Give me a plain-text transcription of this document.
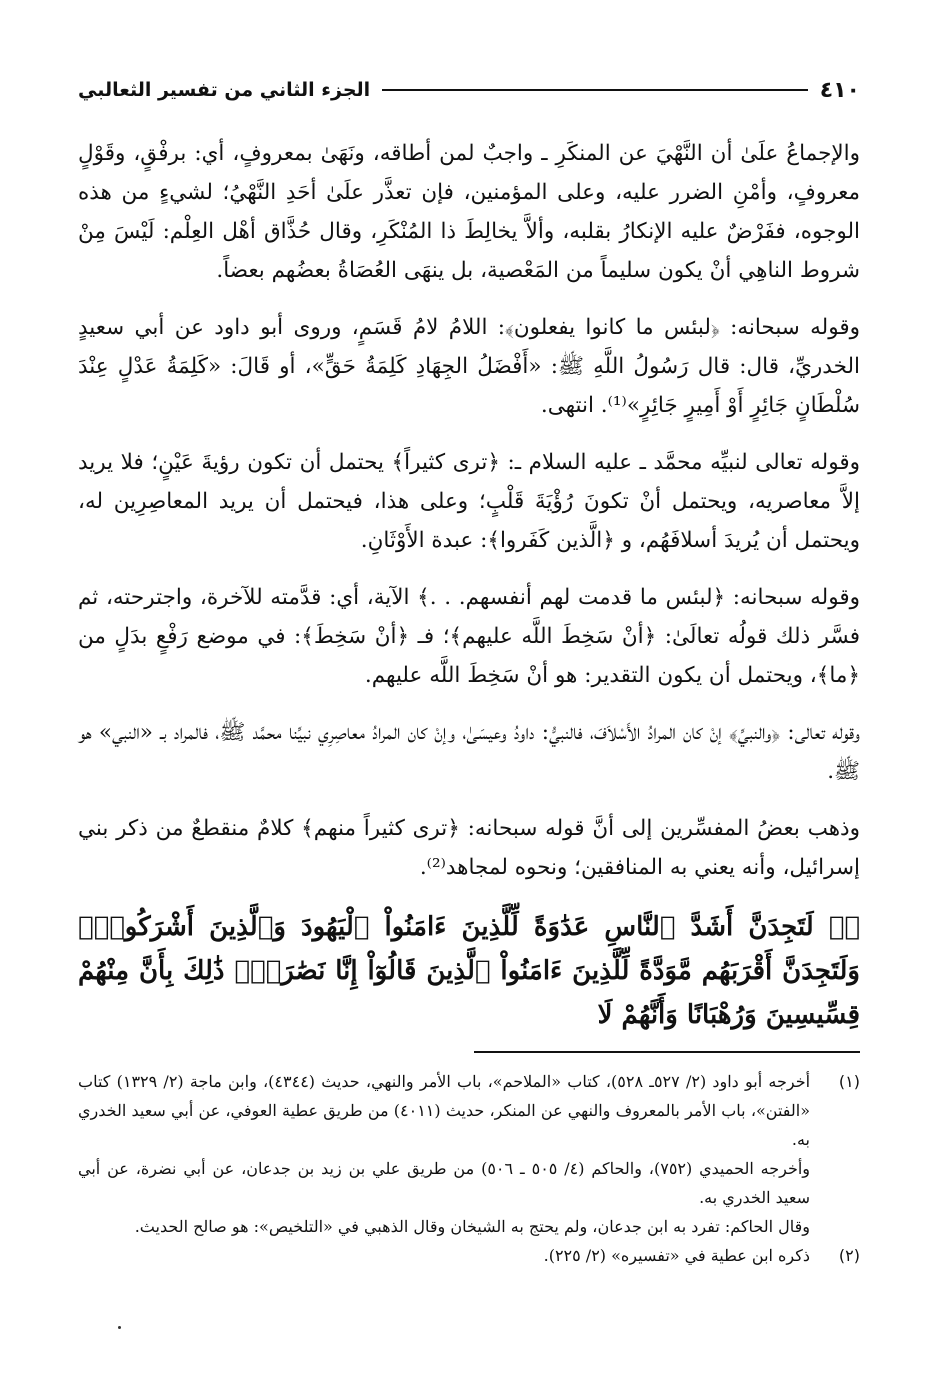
٤١٠
الجزء الثاني من تفسير الثعالبي

والإجماعُ علَىٰ أن النَّهْيَ عن المنكَرِ ـ واجبٌ لمن أطاقه، ونَهَىٰ بمعروفٍ، أي: برفْقٍ، وقَوْلٍ معروفٍ، وأمْنِ الضرر عليه، وعلى المؤمنين، فإن تعذَّر علَىٰ أحَدِ النَّهْيُ؛ لشيءٍ من هذه الوجوه، ففَرْضٌ عليه الإنكارُ بقلبه، وألاَّ يخالِطَ ذا المُنْكَرِ، وقال حُذَّاق أهْل العِلْم: لَيْسَ مِنْ شروط الناهِي أنْ يكون سليماً من المَعْصية، بل ينهَى العُصَاةُ بعضُهم بعضاً.

وقوله سبحانه: ﴿لبئس ما كانوا يفعلون﴾: اللامُ لامُ قَسَمٍ، وروى أبو داود عن أبي سعيدٍ الخدريِّ، قال: قال رَسُولُ اللَّهِ ﷺ: «أَفْضَلُ الجِهَادِ كَلِمَةُ حَقٍّ»، أو قَالَ: «كَلِمَةُ عَدْلٍ عِنْدَ سُلْطَانٍ جَائِرٍ أَوْ أَمِيرٍ جَائِرٍ»⁽¹⁾. انتهى.

وقوله تعالى لنبيِّه محمَّد ـ عليه السلام ـ: ﴿ترى كثيراً﴾ يحتمل أن تكون رؤيةَ عَيْنٍ؛ فلا يريد إلاَّ معاصريه، ويحتمل أنْ تكونَ رُؤْيَةَ قَلْبٍ؛ وعلى هذا، فيحتمل أن يريد المعاصِرِين له، ويحتمل أن يُريدَ أسلافَهُم، و ﴿الَّذين كَفَروا﴾: عبدة الأَوْثَانِ.

وقوله سبحانه: ﴿لبئس ما قدمت لهم أنفسهم. . .﴾ الآية، أي: قدَّمته للآخرة، واجترحته، ثم فسَّر ذلك قولُه تعالَىٰ: ﴿أنْ سَخِطَ اللَّه عليهم﴾؛ فـ ﴿أنْ سَخِطَ﴾: في موضع رَفْعٍ بدَلٍ من ﴿ما﴾، ويحتمل أن يكون التقدير: هو أنْ سَخِطَ اللَّه عليهم.

وقوله تعالى: ﴿والنبيِّ﴾ إنْ كان المرادُ الأَسْلاَفَ، فالنبيُّ: داودُ وعيسَىٰ، وإنْ كان المرادُ معاصِرِي نبيِّنا محمَّد ﷺ، فالمراد بـ «النبي» هو ﷺ.

وذهب بعضُ المفسِّرين إلى أنَّ قوله سبحانه: ﴿ترى كثيراً منهم﴾ كلامٌ منقطعٌ من ذكر بني إسرائيل، وأنه يعني به المنافقين؛ ونحوه لمجاهد⁽²⁾.

﴿۞ لَتَجِدَنَّ أَشَدَّ ٱلنَّاسِ عَدَٰوَةً لِّلَّذِينَ ءَامَنُواْ ٱلْيَهُودَ وَٱلَّذِينَ أَشْرَكُواْۖ وَلَتَجِدَنَّ أَقْرَبَهُم مَّوَدَّةً لِّلَّذِينَ ءَامَنُواْ ٱلَّذِينَ قَالُوٓاْ إِنَّا نَصَٰرَىٰۚ ذَٰلِكَ بِأَنَّ مِنْهُمْ قِسِّيسِينَ وَرُهْبَانًا وَأَنَّهُمْ لَا

(١)

أخرجه أبو داود (٢/ ٥٢٧ـ ٥٢٨)، كتاب «الملاحم»، باب الأمر والنهي، حديث (٤٣٤٤)، وابن ماجة (٢/ ١٣٢٩) كتاب «الفتن»، باب الأمر بالمعروف والنهي عن المنكر، حديث (٤٠١١) من طريق عطية العوفي، عن أبي سعيد الخدري به.

وأخرجه الحميدي (٧٥٢)، والحاكم (٤/ ٥٠٥ ـ ٥٠٦) من طريق علي بن زيد بن جدعان، عن أبي نضرة، عن أبي سعيد الخدري به.

وقال الحاكم: تفرد به ابن جدعان، ولم يحتج به الشيخان وقال الذهبي في «التلخيص»: هو صالح الحديث.

(٢)

ذكره ابن عطية في «تفسيره» (٢/ ٢٢٥).
